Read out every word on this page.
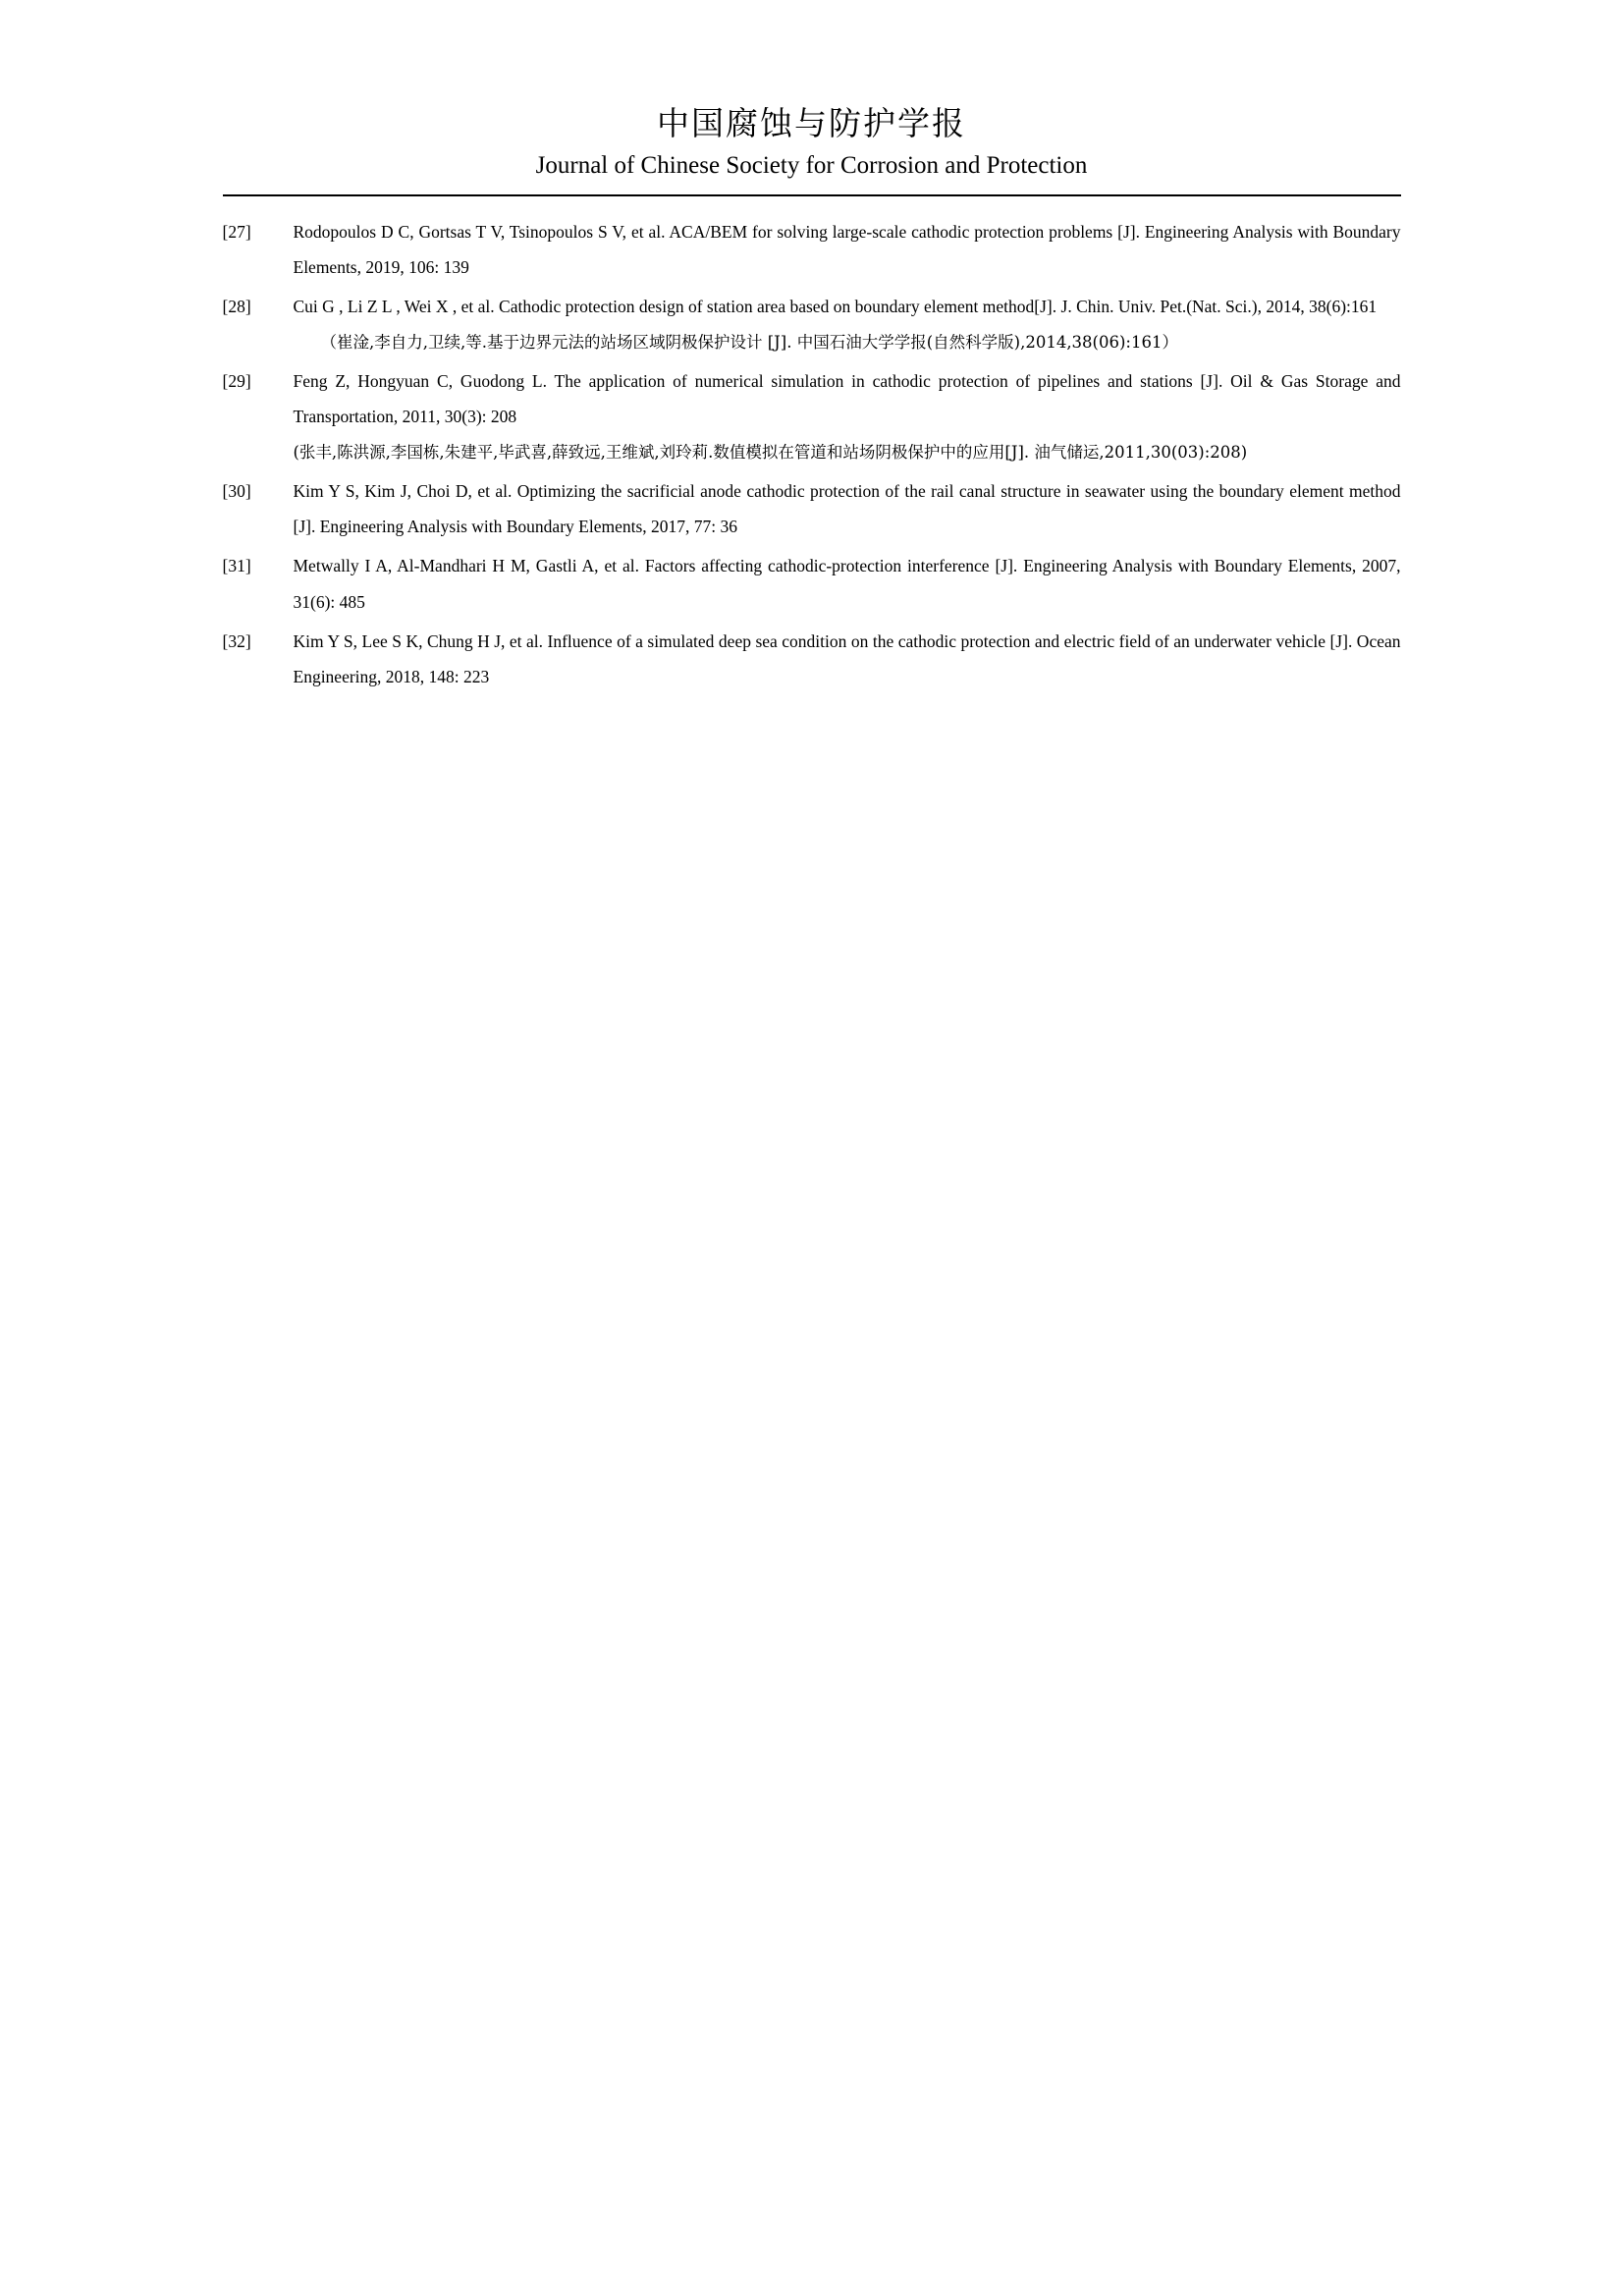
中国腐蚀与防护学报
Journal of Chinese Society for Corrosion and Protection
[27]	Rodopoulos D C, Gortsas T V, Tsinopoulos S V, et al. ACA/BEM for solving large-scale cathodic protection problems [J]. Engineering Analysis with Boundary Elements, 2019, 106: 139
[28]	Cui G , Li Z L , Wei X , et al. Cathodic protection design of station area based on boundary element method[J]. J. Chin. Univ. Pet.(Nat. Sci.), 2014, 38(6):161
（崔淦,李自力,卫续,等.基于边界元法的站场区域阴极保护设计 [J]. 中国石油大学学报(自然科学版),2014,38(06):161）
[29]	Feng Z, Hongyuan C, Guodong L. The application of numerical simulation in cathodic protection of pipelines and stations [J]. Oil & Gas Storage and Transportation, 2011, 30(3): 208
(张丰,陈洪源,李国栋,朱建平,毕武喜,薛致远,王维斌,刘玲莉.数值模拟在管道和站场阴极保护中的应用[J]. 油气储运,2011,30(03):208)
[30]	Kim Y S, Kim J, Choi D, et al. Optimizing the sacrificial anode cathodic protection of the rail canal structure in seawater using the boundary element method [J]. Engineering Analysis with Boundary Elements, 2017, 77: 36
[31]	Metwally I A, Al-Mandhari H M, Gastli A, et al. Factors affecting cathodic-protection interference [J]. Engineering Analysis with Boundary Elements, 2007, 31(6): 485
[32]	Kim Y S, Lee S K, Chung H J, et al. Influence of a simulated deep sea condition on the cathodic protection and electric field of an underwater vehicle [J]. Ocean Engineering, 2018, 148: 223
